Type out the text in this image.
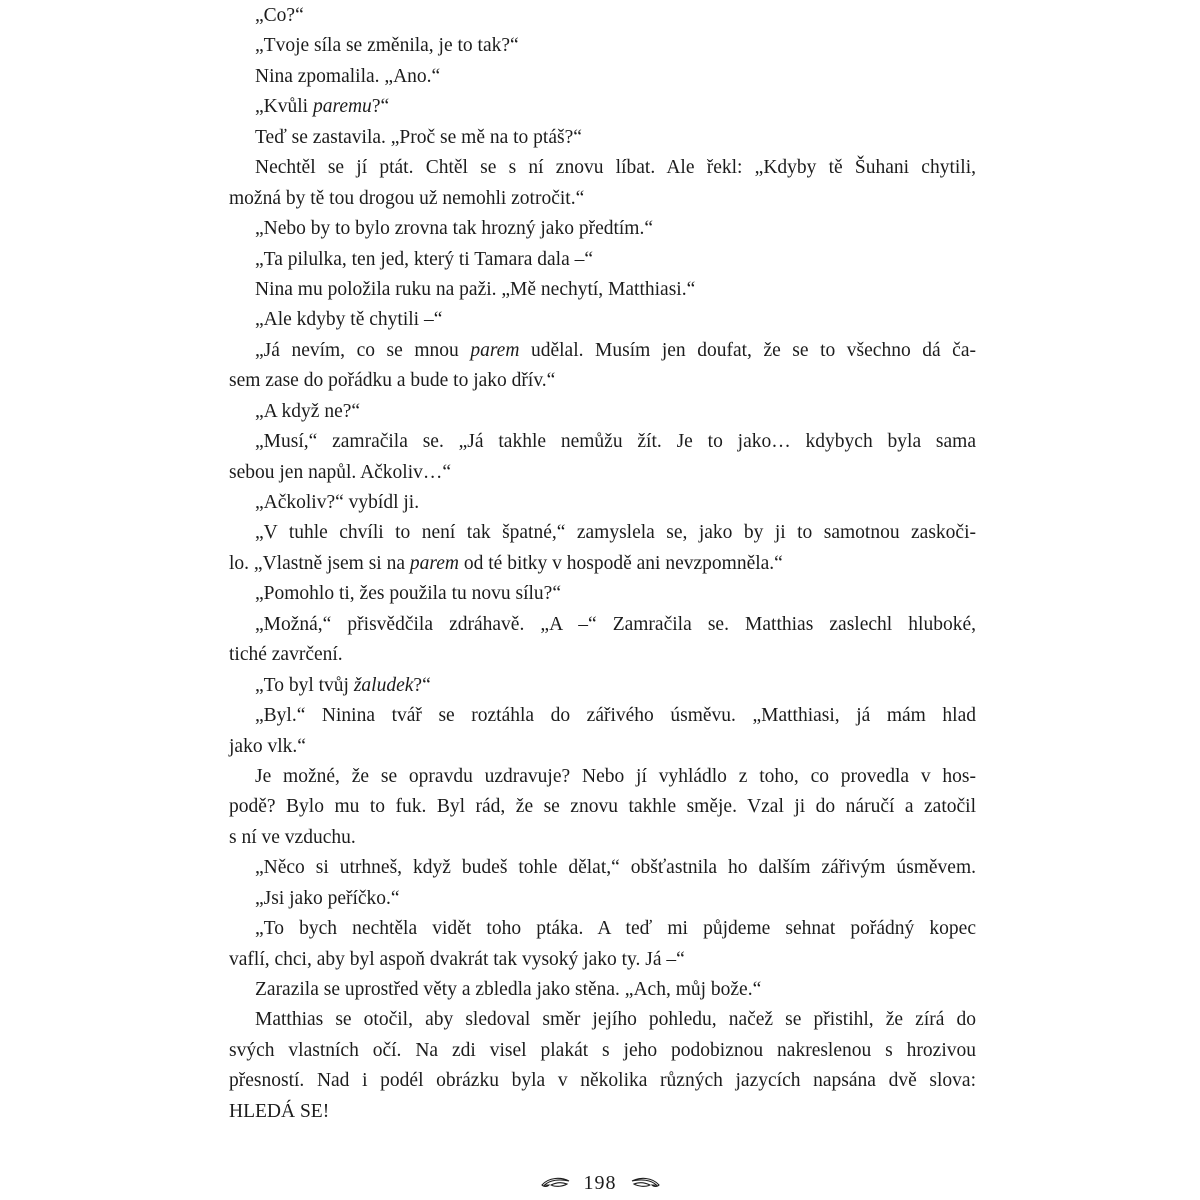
„Co?“
„Tvoje síla se změnila, je to tak?“
Nina zpomalila. „Ano.“
„Kvůli paremu?“
Teď se zastavila. „Proč se mě na to ptáš?“
Nechtěl se jí ptát. Chtěl se s ní znovu líbat. Ale řekl: „Kdyby tě Šuhani chytili,
možná by tě tou drogou už nemohli zotročit.“
„Nebo by to bylo zrovna tak hrozný jako předtím.“
„Ta pilulka, ten jed, který ti Tamara dala –“
Nina mu položila ruku na paži. „Mě nechytí, Matthiasi.“
„Ale kdyby tě chytili –“
„Já nevím, co se mnou parem udělal. Musím jen doufat, že se to všechno dá ča-
sem zase do pořádku a bude to jako dřív.“
„A když ne?“
„Musí,“ zamračila se. „Já takhle nemůžu žít. Je to jako… kdybych byla sama
sebou jen napůl. Ačkoliv…“
„Ačkoliv?“ vybídl ji.
„V tuhle chvíli to není tak špatné,“ zamyslela se, jako by ji to samotnou zaskoči-
lo. „Vlastně jsem si na parem od té bitky v hospodě ani nevzpomněla.“
„Pomohlo ti, žes použila tu novu sílu?“
„Možná,“ přisvědčila zdráhavě. „A –“ Zamračila se. Matthias zaslechl hluboké,
tiché zavrčení.
„To byl tvůj žaludek?“
„Byl.“ Ninina tvář se roztáhla do zářivého úsměvu. „Matthiasi, já mám hlad
jako vlk.“
Je možné, že se opravdu uzdravuje? Nebo jí vyhládlo z toho, co provedla v hos-
podě? Bylo mu to fuk. Byl rád, že se znovu takhle směje. Vzal ji do náručí a zatočil
s ní ve vzduchu.
„Něco si utrhneš, když budeš tohle dělat,“ obšťastnila ho dalším zářivým úsměvem.
„Jsi jako peříčko.“
„To bych nechtěla vidět toho ptáka. A teď mi půjdeme sehnat pořádný kopec
vaflí, chci, aby byl aspoň dvakrát tak vysoký jako ty. Já –“
Zarazila se uprostřed věty a zbledla jako stěna. „Ach, můj bože.“
Matthias se otočil, aby sledoval směr jejího pohledu, načež se přistihl, že zírá do
svých vlastních očí. Na zdi visel plakát s jeho podobiznou nakreslenou s hrozivou
přesností. Nad i podél obrázku byla v několika různých jazycích napsána dvě slova:
HLEDÁ SE!
198
